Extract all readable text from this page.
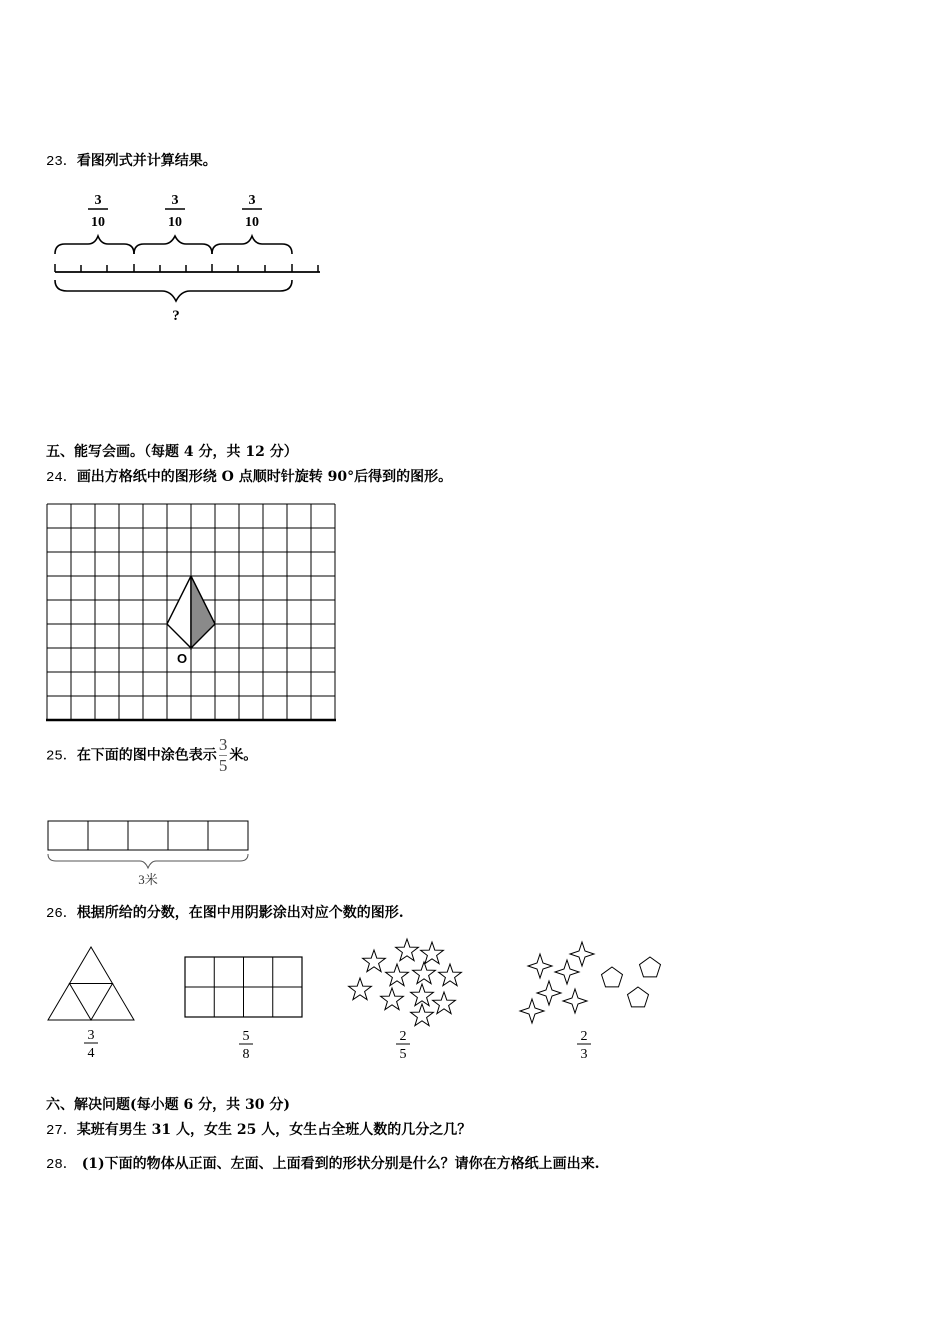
23．看图列式并计算结果。
3
10
3
10
3
10
?
五、能写会画。（每题 4 分，共 12 分）
24．画出方格纸中的图形绕 O 点顺时针旋转 90°后得到的图形。
O
25．在下面的图中涂色表示 $\frac{3}{5}$ 米。
3米
26．根据所给的分数，在图中用阴影涂出对应个数的图形.
3
4
5
8
2
5
2
3
六、解决问题(每小题 6 分，共 30 分)
27．某班有男生 31 人，女生 25 人，女生占全班人数的几分之几？
28． (1)下面的物体从正面、左面、上面看到的形状分别是什么？请你在方格纸上画出来.
